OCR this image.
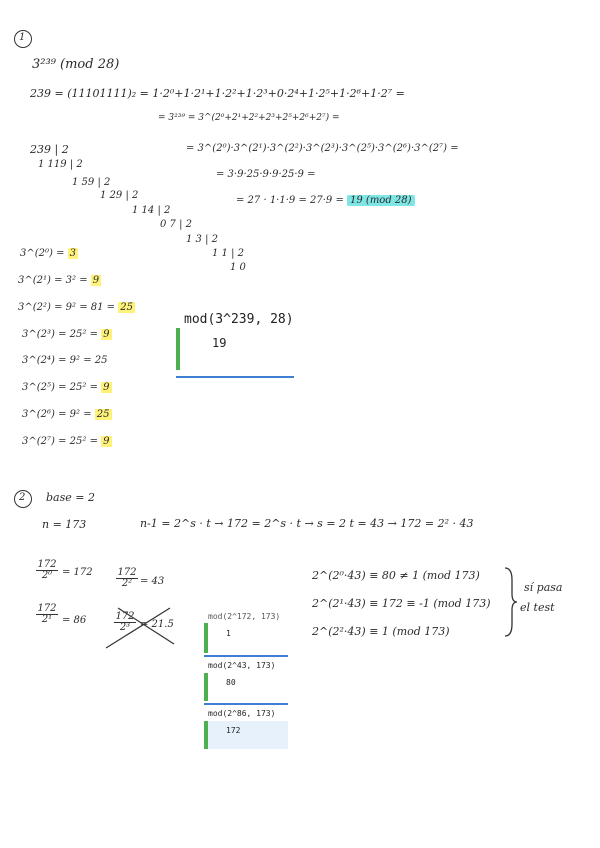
1
3²³⁹ (mod 28)
239 = (11101111)₂ = 1·2⁰+1·2¹+1·2²+1·2³+0·2⁴+1·2⁵+1·2⁶+1·2⁷ =
= 3²³⁹ = 3^(2⁰+2¹+2²+2³+2⁵+2⁶+2⁷) =
= 3^(2⁰)·3^(2¹)·3^(2²)·3^(2³)·3^(2⁵)·3^(2⁶)·3^(2⁷) =
= 3·9·25·9·9·25·9 =
= 27 · 1·1·9 = 27·9 = 19 (mod 28)
239 | 2
1 119 | 2
1 59 | 2
1 29 | 2
1 14 | 2
0 7 | 2
1 3 | 2
1 1 | 2
1 0
3^(2⁰) = 3
3^(2¹) = 3² = 9
3^(2²) = 9² = 81 = 25
3^(2³) = 25² = 9
3^(2⁴) = 9² = 25
3^(2⁵) = 25² = 9
3^(2⁶) = 9² = 25
3^(2⁷) = 25² = 9
mod(3^239, 28)
19
2 base = 2
n = 173	n-1 = 2^s · t → 172 = 2^s · t → s = 2 t = 43 → 172 = 2² · 43
172
2⁰ = 172 172
2² = 43
172
2¹ = 86	172
2³ = 21.5
2^(2⁰·43) ≡ 80 ≠ 1 (mod 173)
2^(2¹·43) ≡ 172 ≡ -1 (mod 173)
2^(2²·43) ≡ 1 (mod 173)
sí pasa
el test
mod(2^172, 173)
1
mod(2^43, 173)
80
mod(2^86, 173)
172
